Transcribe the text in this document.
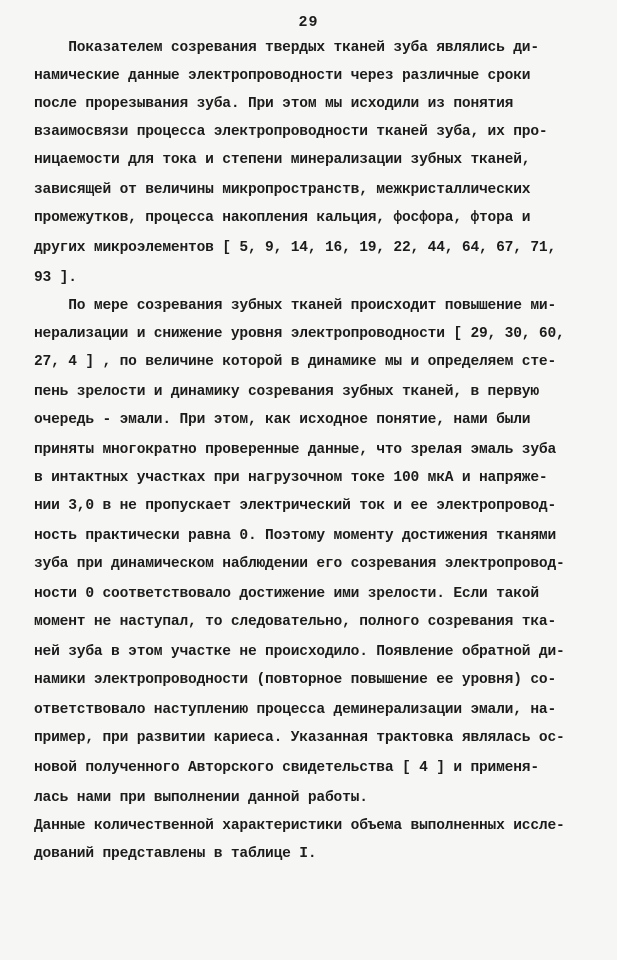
29
Показателем созревания твердых тканей зуба являлись ди-
намические данные электропроводности через различные сроки
после прорезывания зуба. При этом мы исходили из понятия
взаимосвязи процесса электропроводности тканей зуба, их про-
ницаемости для тока и степени минерализации зубных тканей,
зависящей от величины микропространств, межкристаллических
промежутков, процесса накопления кальция, фосфора, фтора и
других микроэлементов [ 5, 9, 14, 16, 19, 22, 44, 64, 67, 71,
93 ].
По мере созревания зубных тканей происходит повышение ми-
нерализации и снижение уровня электропроводности [ 29, 30, 60,
27, 4 ] , по величине которой в динамике мы и определяем сте-
пень зрелости и динамику созревания зубных тканей, в первую
очередь - эмали. При этом, как исходное понятие, нами были
приняты многократно проверенные данные, что зрелая эмаль зуба
в интактных участках при нагрузочном токе 100 мкА и напряже-
нии 3,0 в не пропускает электрический ток и ее электропровод-
ность практически равна 0. Поэтому моменту достижения тканями
зуба при динамическом наблюдении его созревания электропровод-
ности 0 соответствовало достижение ими зрелости. Если такой
момент не наступал, то следовательно, полного созревания тка-
ней зуба в этом участке не происходило. Появление обратной ди-
намики электропроводности (повторное повышение ее уровня) со-
ответствовало наступлению процесса деминерализации эмали, на-
пример, при развитии кариеса. Указанная трактовка являлась ос-
новой полученного Авторского свидетельства [ 4 ] и применя-
лась нами при выполнении данной работы.
Данные количественной характеристики объема выполненных иссле-
дований представлены в таблице I.
